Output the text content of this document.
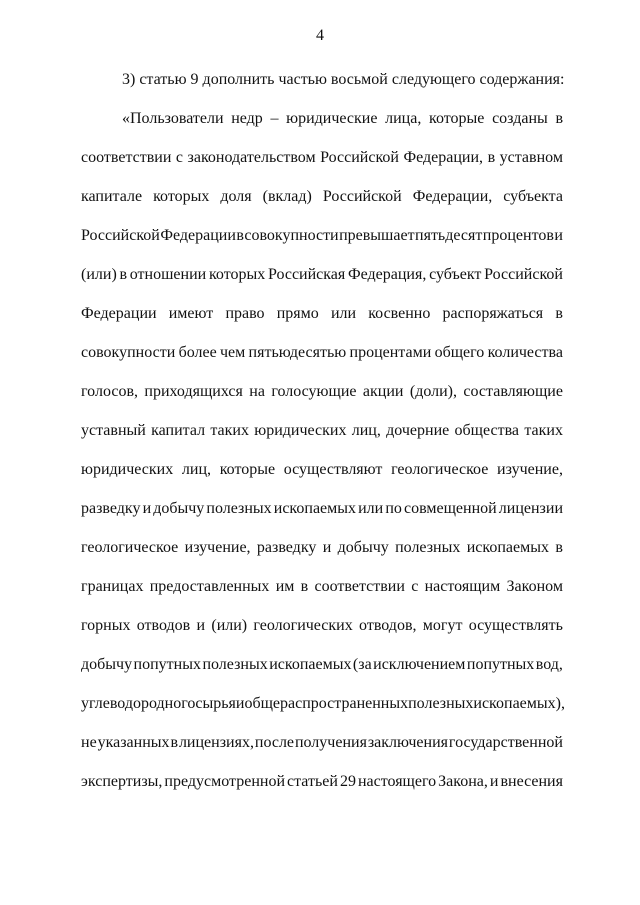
4
3) статью 9 дополнить частью восьмой следующего содержания:
«Пользователи недр – юридические лица, которые созданы в
соответствии с законодательством Российской Федерации, в уставном
капитале которых доля (вклад) Российской Федерации, субъекта
Российской Федерации в совокупности превышает пятьдесят процентов и
(или) в отношении которых Российская Федерация, субъект Российской
Федерации имеют право прямо или косвенно распоряжаться в
совокупности более чем пятьюдесятью процентами общего количества
голосов, приходящихся на голосующие акции (доли), составляющие
уставный капитал таких юридических лиц, дочерние общества таких
юридических лиц, которые осуществляют геологическое изучение,
разведку и добычу полезных ископаемых или по совмещенной лицензии
геологическое изучение, разведку и добычу полезных ископаемых в
границах предоставленных им в соответствии с настоящим Законом
горных отводов и (или) геологических отводов, могут осуществлять
добычу попутных полезных ископаемых (за исключением попутных вод,
углеводородного сырья и общераспространенных полезных ископаемых),
не указанных в лицензиях, после получения заключения государственной
экспертизы, предусмотренной статьей 29 настоящего Закона, и внесения
